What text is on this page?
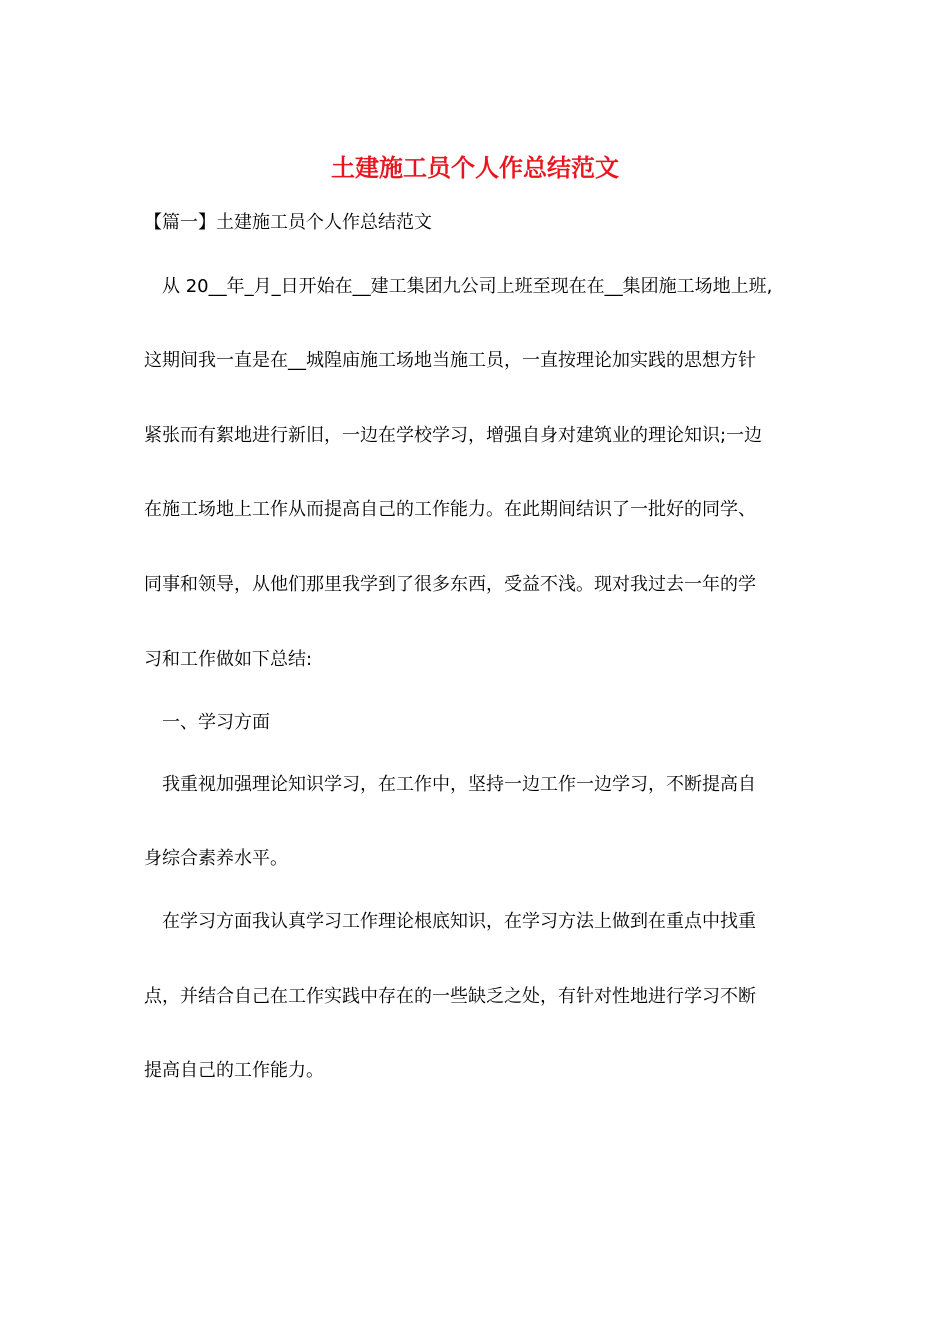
土建施工员个人作总结范文
【篇一】土建施工员个人作总结范文
从 20__年_月_日开始在__建工集团九公司上班至现在在__集团施工场地上班,
这期间我一直是在__城隍庙施工场地当施工员，一直按理论加实践的思想方针
紧张而有絮地进行新旧，一边在学校学习，增强自身对建筑业的理论知识;一边
在施工场地上工作从而提高自己的工作能力。在此期间结识了一批好的同学、
同事和领导，从他们那里我学到了很多东西，受益不浅。现对我过去一年的学
习和工作做如下总结:
一、学习方面
我重视加强理论知识学习，在工作中，坚持一边工作一边学习，不断提高自
身综合素养水平。
在学习方面我认真学习工作理论根底知识，在学习方法上做到在重点中找重
点，并结合自己在工作实践中存在的一些缺乏之处，有针对性地进行学习不断
提高自己的工作能力。
